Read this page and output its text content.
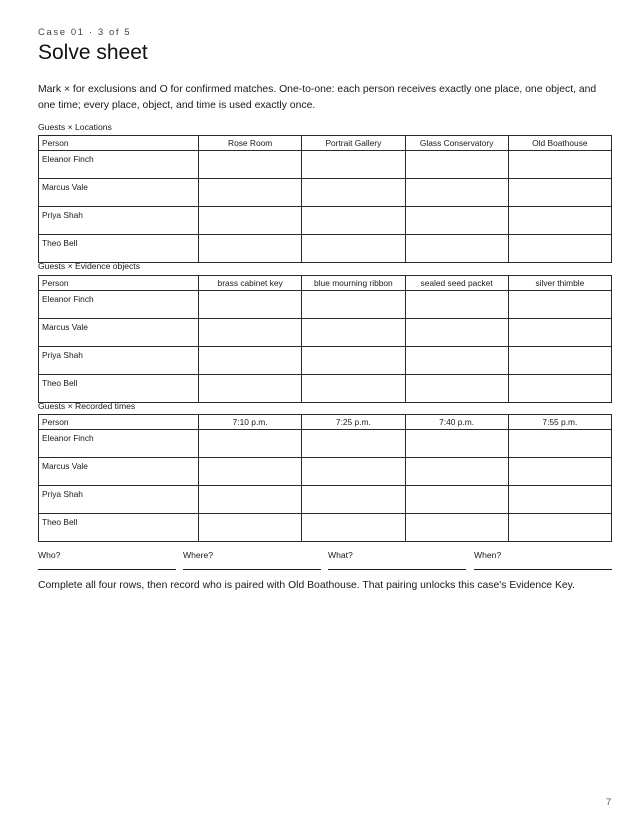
Case 01 · 3 of 5
Solve sheet
Mark × for exclusions and O for confirmed matches. One-to-one: each person receives exactly one place, one object, and one time; every place, object, and time is used exactly once.
Guests × Locations
Person	Rose Room	Portrait Gallery	Glass Conservatory	Old Boathouse
Eleanor Finch				
Marcus Vale				
Priya Shah				
Theo Bell				
Guests × Evidence objects
Person	brass cabinet key	blue mourning ribbon	sealed seed packet	silver thimble
Eleanor Finch				
Marcus Vale				
Priya Shah				
Theo Bell				
Guests × Recorded times
Person	7:10 p.m.	7:25 p.m.	7:40 p.m.	7:55 p.m.
Eleanor Finch				
Marcus Vale				
Priya Shah				
Theo Bell				
Who?	Where?	What?	When?
Complete all four rows, then record who is paired with Old Boathouse. That pairing unlocks this case's Evidence Key.
7
